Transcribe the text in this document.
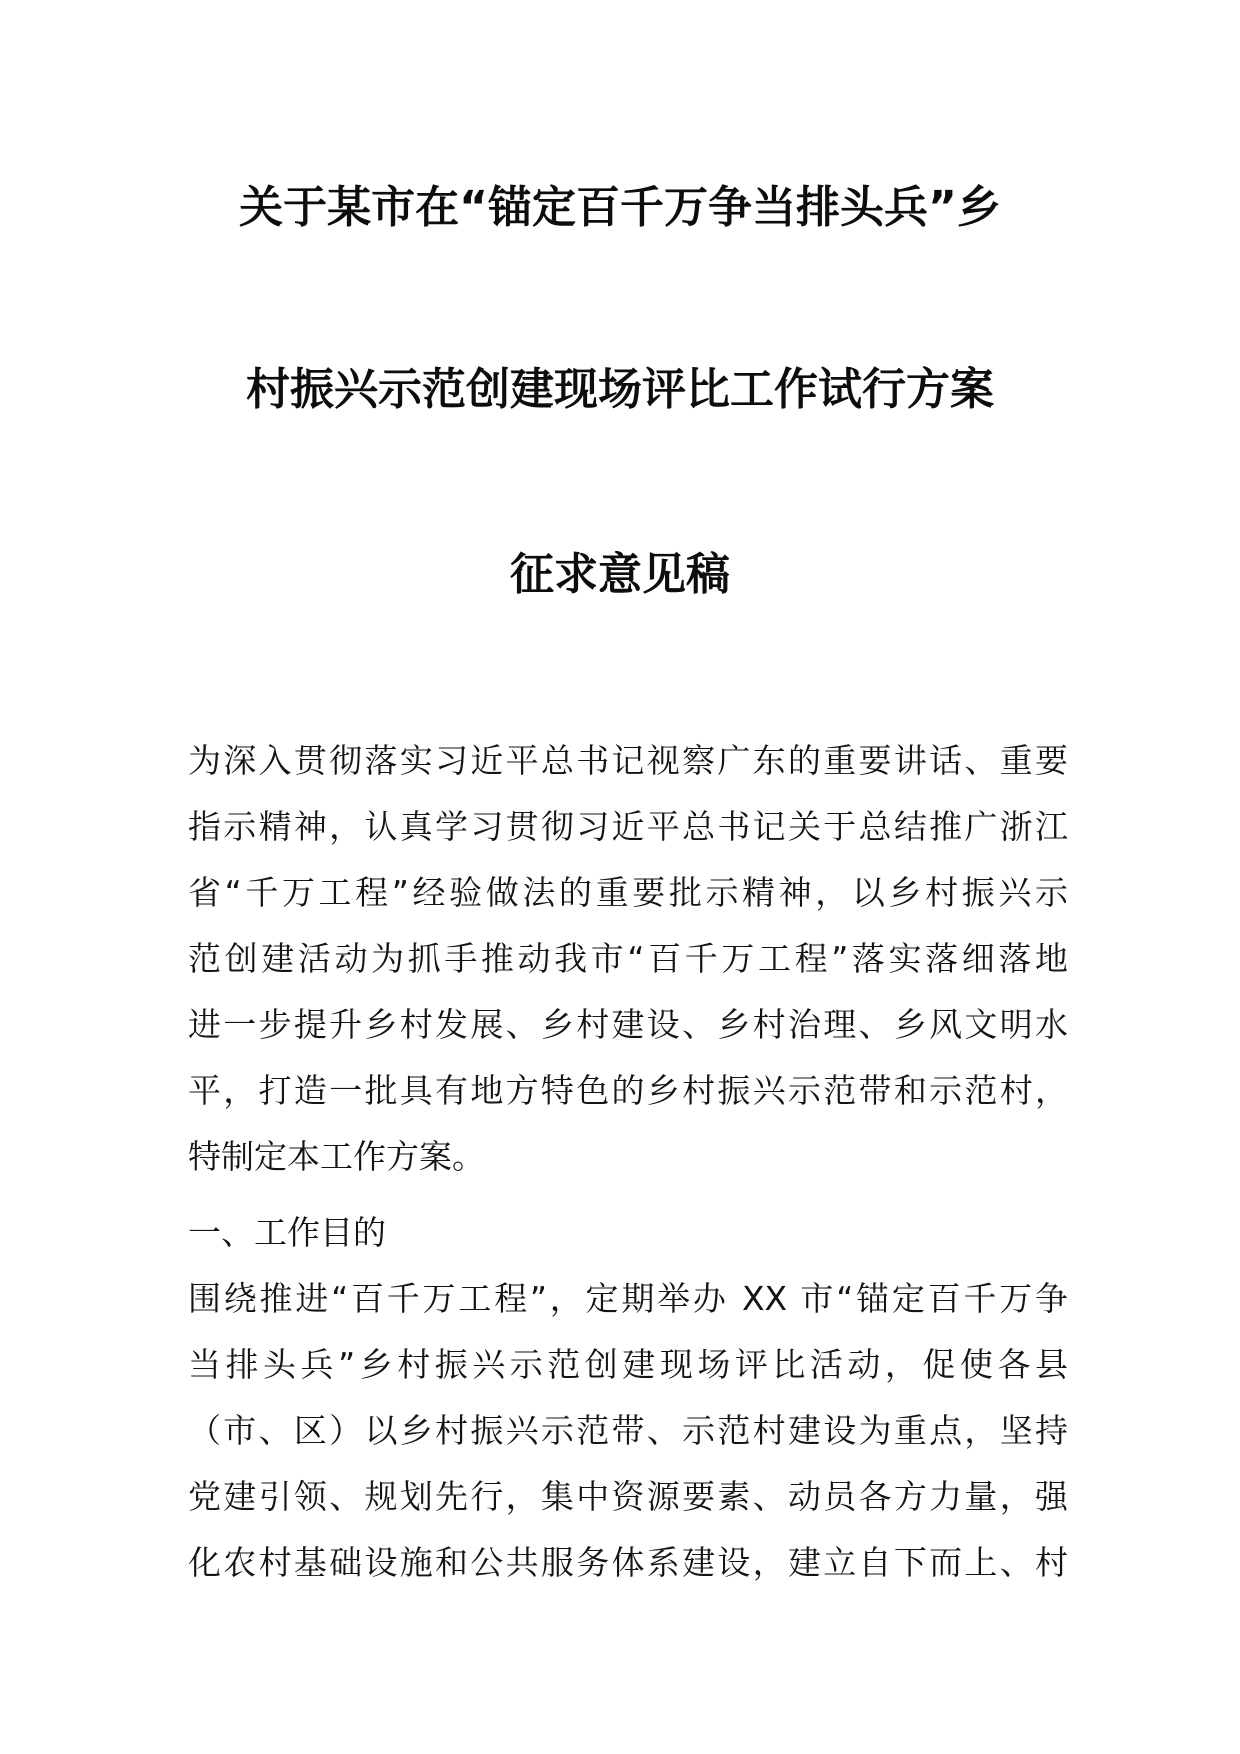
关于某市在“锚定百千万争当排头兵”乡
村振兴示范创建现场评比工作试行方案
征求意见稿
为深入贯彻落实习近平总书记视察广东的重要讲话、重要
指示精神，认真学习贯彻习近平总书记关于总结推广浙江
省“千万工程”经验做法的重要批示精神，以乡村振兴示
范创建活动为抓手推动我市“百千万工程”落实落细落地
进一步提升乡村发展、乡村建设、乡村治理、乡风文明水
平，打造一批具有地方特色的乡村振兴示范带和示范村，
特制定本工作方案。
一、工作目的
围绕推进“百千万工程”，定期举办 XX 市“锚定百千万争
当排头兵”乡村振兴示范创建现场评比活动，促使各县
（市、区）以乡村振兴示范带、示范村建设为重点，坚持
党建引领、规划先行，集中资源要素、动员各方力量，强
化农村基础设施和公共服务体系建设，建立自下而上、村
